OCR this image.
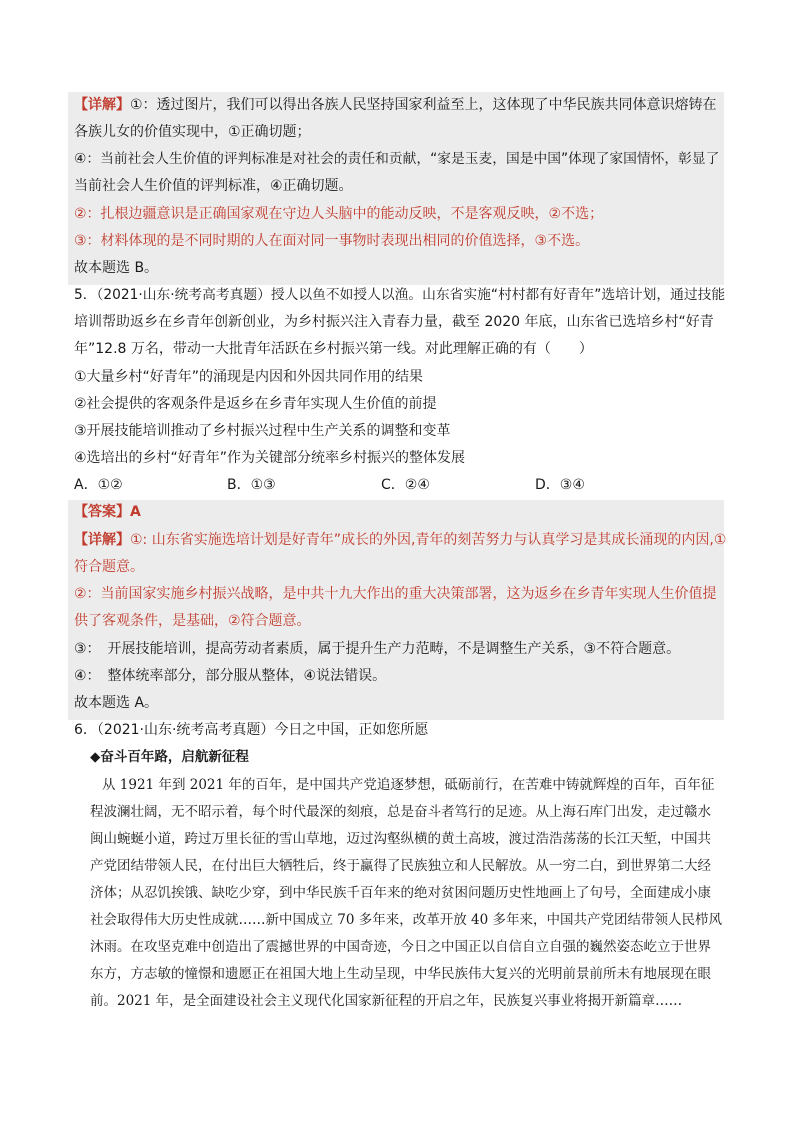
【详解】①：透过图片，我们可以得出各族人民坚持国家利益至上，这体现了中华民族共同体意识熔铸在
各族儿女的价值实现中，①正确切题；
④：当前社会人生价值的评判标准是对社会的责任和贡献，“家是玉麦，国是中国”体现了家国情怀，彰显了
当前社会人生价值的评判标准，④正确切题。
②：扎根边疆意识是正确国家观在守边人头脑中的能动反映，不是客观反映，②不选；
③：材料体现的是不同时期的人在面对同一事物时表现出相同的价值选择，③不选。
故本题选 B。
5．（2021·山东·统考高考真题）授人以鱼不如授人以渔。山东省实施“村村都有好青年”选培计划，通过技能
培训帮助返乡在乡青年创新创业，为乡村振兴注入青春力量，截至 2020 年底，山东省已选培乡村“好青
年”12.8 万名，带动一大批青年活跃在乡村振兴第一线。对此理解正确的有（　　）
①大量乡村“好青年”的涌现是内因和外因共同作用的结果
②社会提供的客观条件是返乡在乡青年实现人生价值的前提
③开展技能培训推动了乡村振兴过程中生产关系的调整和变革
④选培出的乡村“好青年”作为关键部分统率乡村振兴的整体发展
A．①②	B．①③	C．②④	D．③④
【答案】A
【详解】①: 山东省实施选培计划是好青年”成长的外因,青年的刻苦努力与认真学习是其成长涌现的内因,①
符合题意。
②：当前国家实施乡村振兴战略，是中共十九大作出的重大决策部署，这为返乡在乡青年实现人生价值提
供了客观条件，是基础，②符合题意。
③：　开展技能培训，提高劳动者素质，属于提升生产力范畴，不是调整生产关系，③不符合题意。
④：　整体统率部分，部分服从整体，④说法错误。
故本题选 A。
6．（2021·山东·统考高考真题）今日之中国，正如您所愿
◆奋斗百年路，启航新征程
从 1921 年到 2021 年的百年，是中国共产党追逐梦想，砥砺前行，在苦难中铸就辉煌的百年，百年征
程波澜壮阔，无不昭示着，每个时代最深的刻痕，总是奋斗者笃行的足迹。从上海石库门出发，走过赣水
闽山蜿蜒小道，跨过万里长征的雪山草地，迈过沟壑纵横的黄土高坡，渡过浩浩荡荡的长江天堑，中国共
产党团结带领人民，在付出巨大牺牲后，终于赢得了民族独立和人民解放。从一穷二白，到世界第二大经
济体；从忍饥挨饿、缺吃少穿，到中华民族千百年来的绝对贫困问题历史性地画上了句号，全面建成小康
社会取得伟大历史性成就……新中国成立 70 多年来，改革开放 40 多年来，中国共产党团结带领人民栉风
沐雨。在攻坚克难中创造出了震撼世界的中国奇迹，今日之中国正以自信自立自强的巍然姿态屹立于世界
东方，方志敏的憧憬和遗愿正在祖国大地上生动呈现，中华民族伟大复兴的光明前景前所未有地展现在眼
前。2021 年，是全面建设社会主义现代化国家新征程的开启之年，民族复兴事业将揭开新篇章……
